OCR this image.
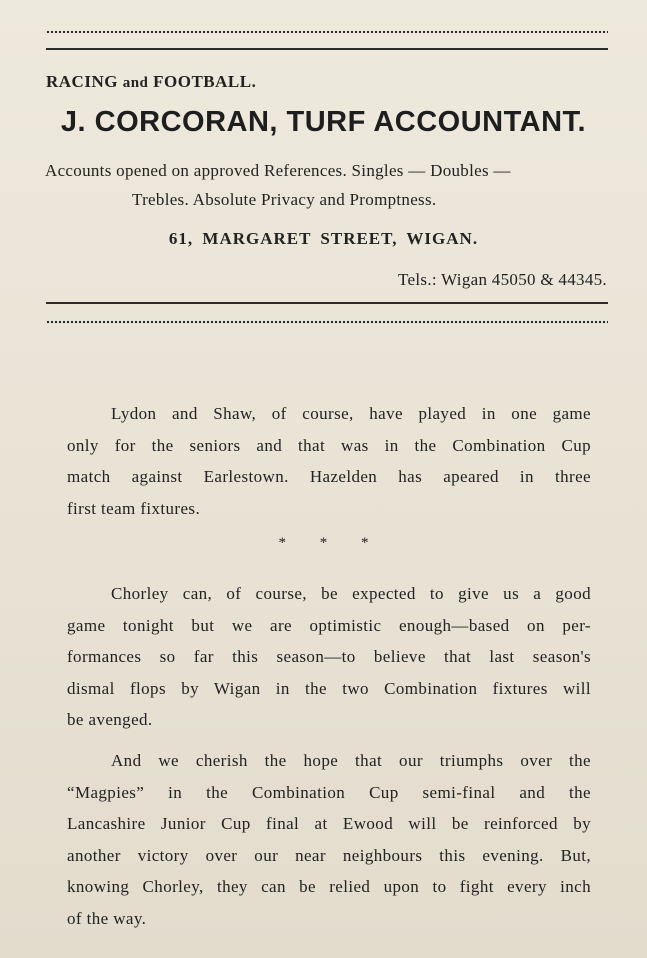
RACING and FOOTBALL.
J. CORCORAN, TURF ACCOUNTANT.
Accounts opened on approved References. Singles — Doubles —
Trebles. Absolute Privacy and Promptness.
61, MARGARET STREET, WIGAN.
Tels.: Wigan 45050 & 44345.
Lydon and Shaw, of course, have played in one game
only for the seniors and that was in the Combination Cup
match against Earlestown. Hazelden has apeared in three
first team fixtures.
* * *
Chorley can, of course, be expected to give us a good
game tonight but we are optimistic enough—based on per-
formances so far this season—to believe that last season's
dismal flops by Wigan in the two Combination fixtures will
be avenged.
And we cherish the hope that our triumphs over the
“Magpies” in the Combination Cup semi-final and the
Lancashire Junior Cup final at Ewood will be reinforced by
another victory over our near neighbours this evening. But,
knowing Chorley, they can be relied upon to fight every inch
of the way.
